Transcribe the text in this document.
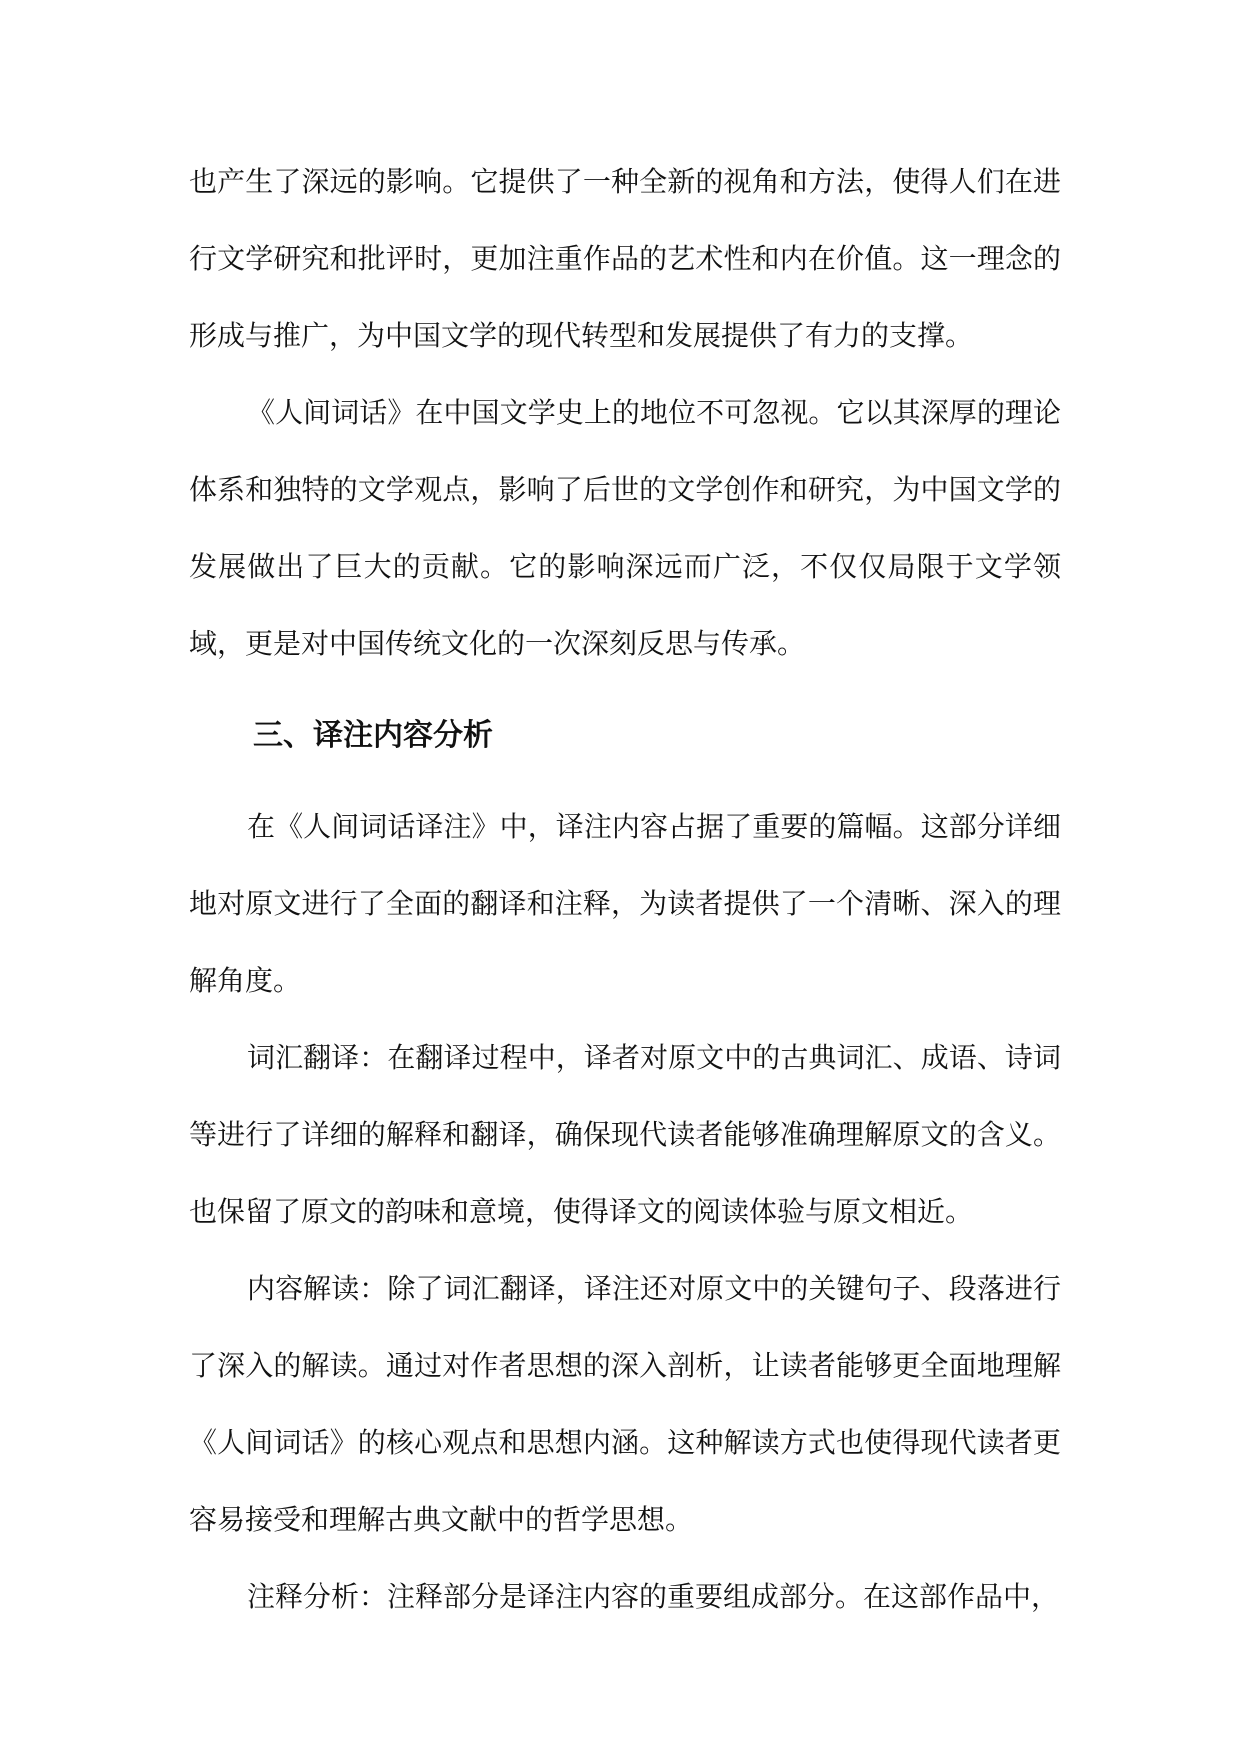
也产生了深远的影响。它提供了一种全新的视角和方法，使得人们在进行文学研究和批评时，更加注重作品的艺术性和内在价值。这一理念的形成与推广，为中国文学的现代转型和发展提供了有力的支撑。

《人间词话》在中国文学史上的地位不可忽视。它以其深厚的理论体系和独特的文学观点，影响了后世的文学创作和研究，为中国文学的发展做出了巨大的贡献。它的影响深远而广泛，不仅仅局限于文学领域，更是对中国传统文化的一次深刻反思与传承。

三、译注内容分析

在《人间词话译注》中，译注内容占据了重要的篇幅。这部分详细地对原文进行了全面的翻译和注释，为读者提供了一个清晰、深入的理解角度。

词汇翻译：在翻译过程中，译者对原文中的古典词汇、成语、诗词等进行了详细的解释和翻译，确保现代读者能够准确理解原文的含义。也保留了原文的韵味和意境，使得译文的阅读体验与原文相近。

内容解读：除了词汇翻译，译注还对原文中的关键句子、段落进行了深入的解读。通过对作者思想的深入剖析，让读者能够更全面地理解《人间词话》的核心观点和思想内涵。这种解读方式也使得现代读者更容易接受和理解古典文献中的哲学思想。

注释分析：注释部分是译注内容的重要组成部分。在这部作品中，
